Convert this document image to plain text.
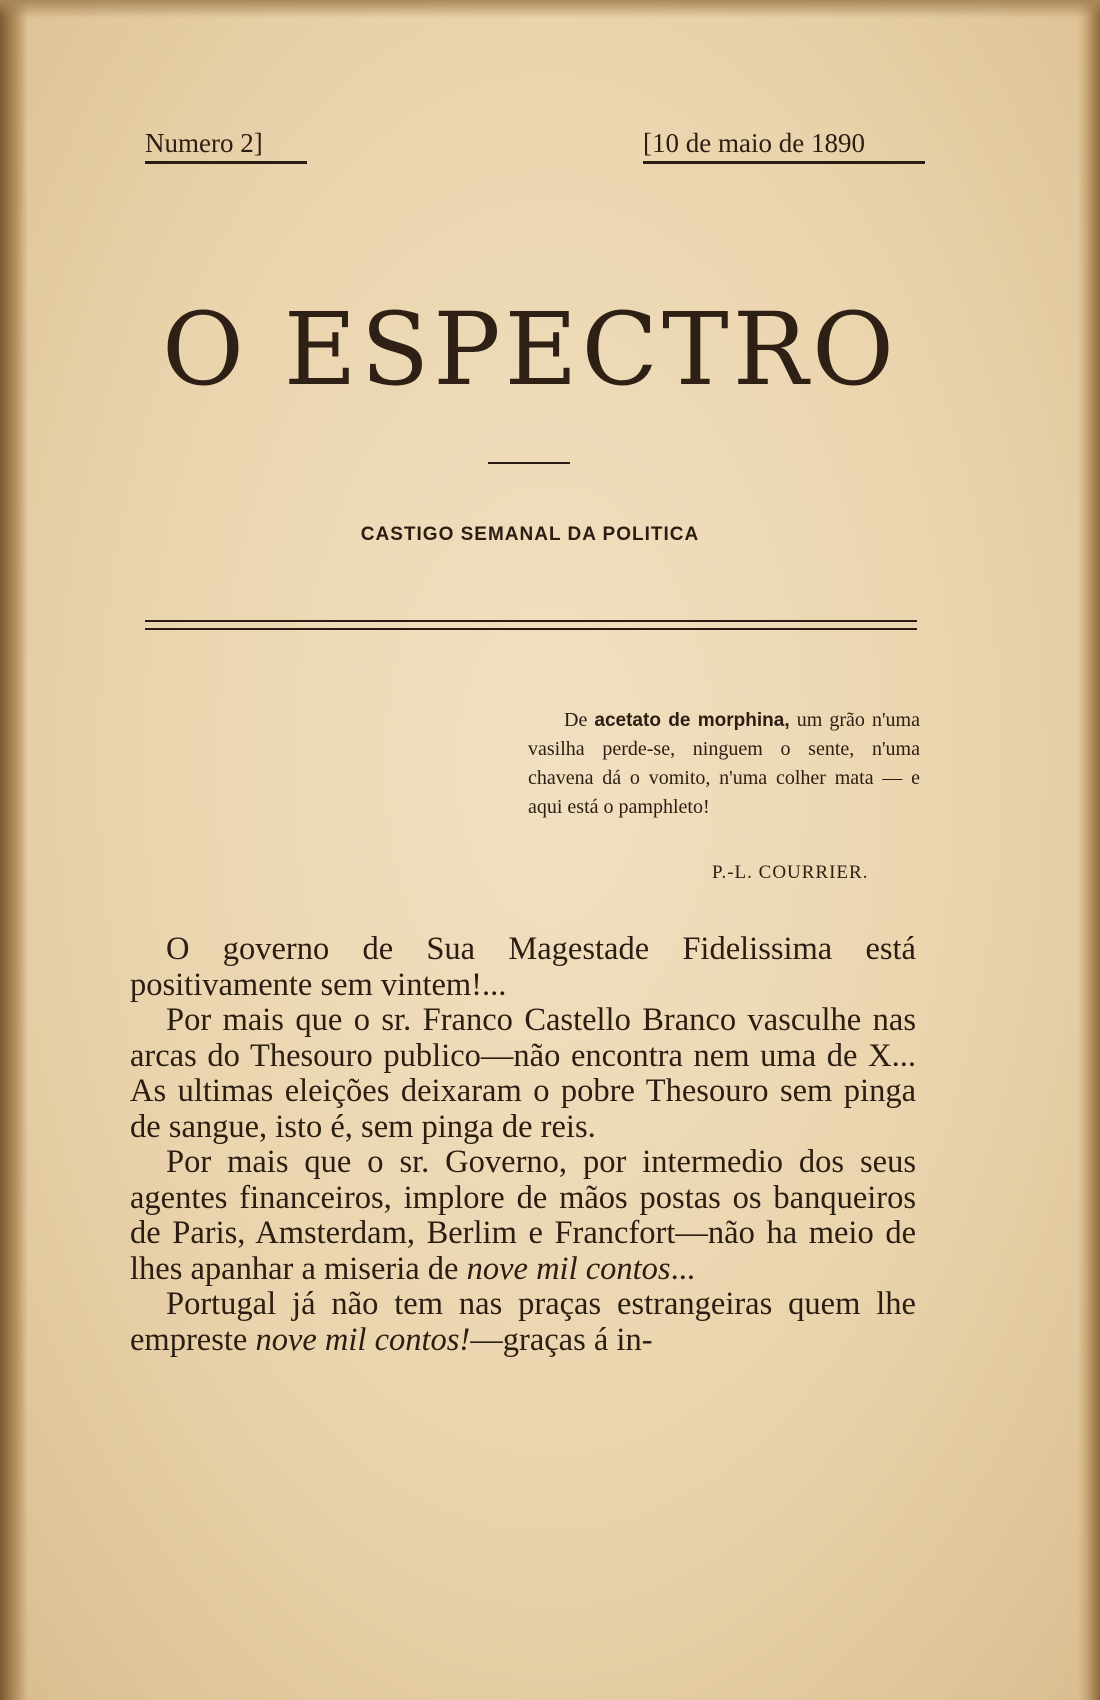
Numero 2]	[10 de maio de 1890
O ESPECTRO
CASTIGO SEMANAL DA POLITICA
De acetato de morphina, um grão n'uma vasilha perde-se, ninguem o sente, n'uma chavena dá o vomito, n'uma colher mata — e aqui está o pamphleto!
P.-L. COURRIER.

O governo de Sua Magestade Fidelissima está positivamente sem vintem!...

Por mais que o sr. Franco Castello Branco vasculhe nas arcas do Thesouro publico—não encontra nem uma de X... As ultimas eleições deixaram o pobre Thesouro sem pinga de sangue, isto é, sem pinga de reis.

Por mais que o sr. Governo, por intermedio dos seus agentes financeiros, implore de mãos postas os banqueiros de Paris, Amsterdam, Berlim e Francfort—não ha meio de lhes apanhar a miseria de nove mil contos...

Portugal já não tem nas praças estrangeiras quem lhe empreste nove mil contos!—graças á in-
